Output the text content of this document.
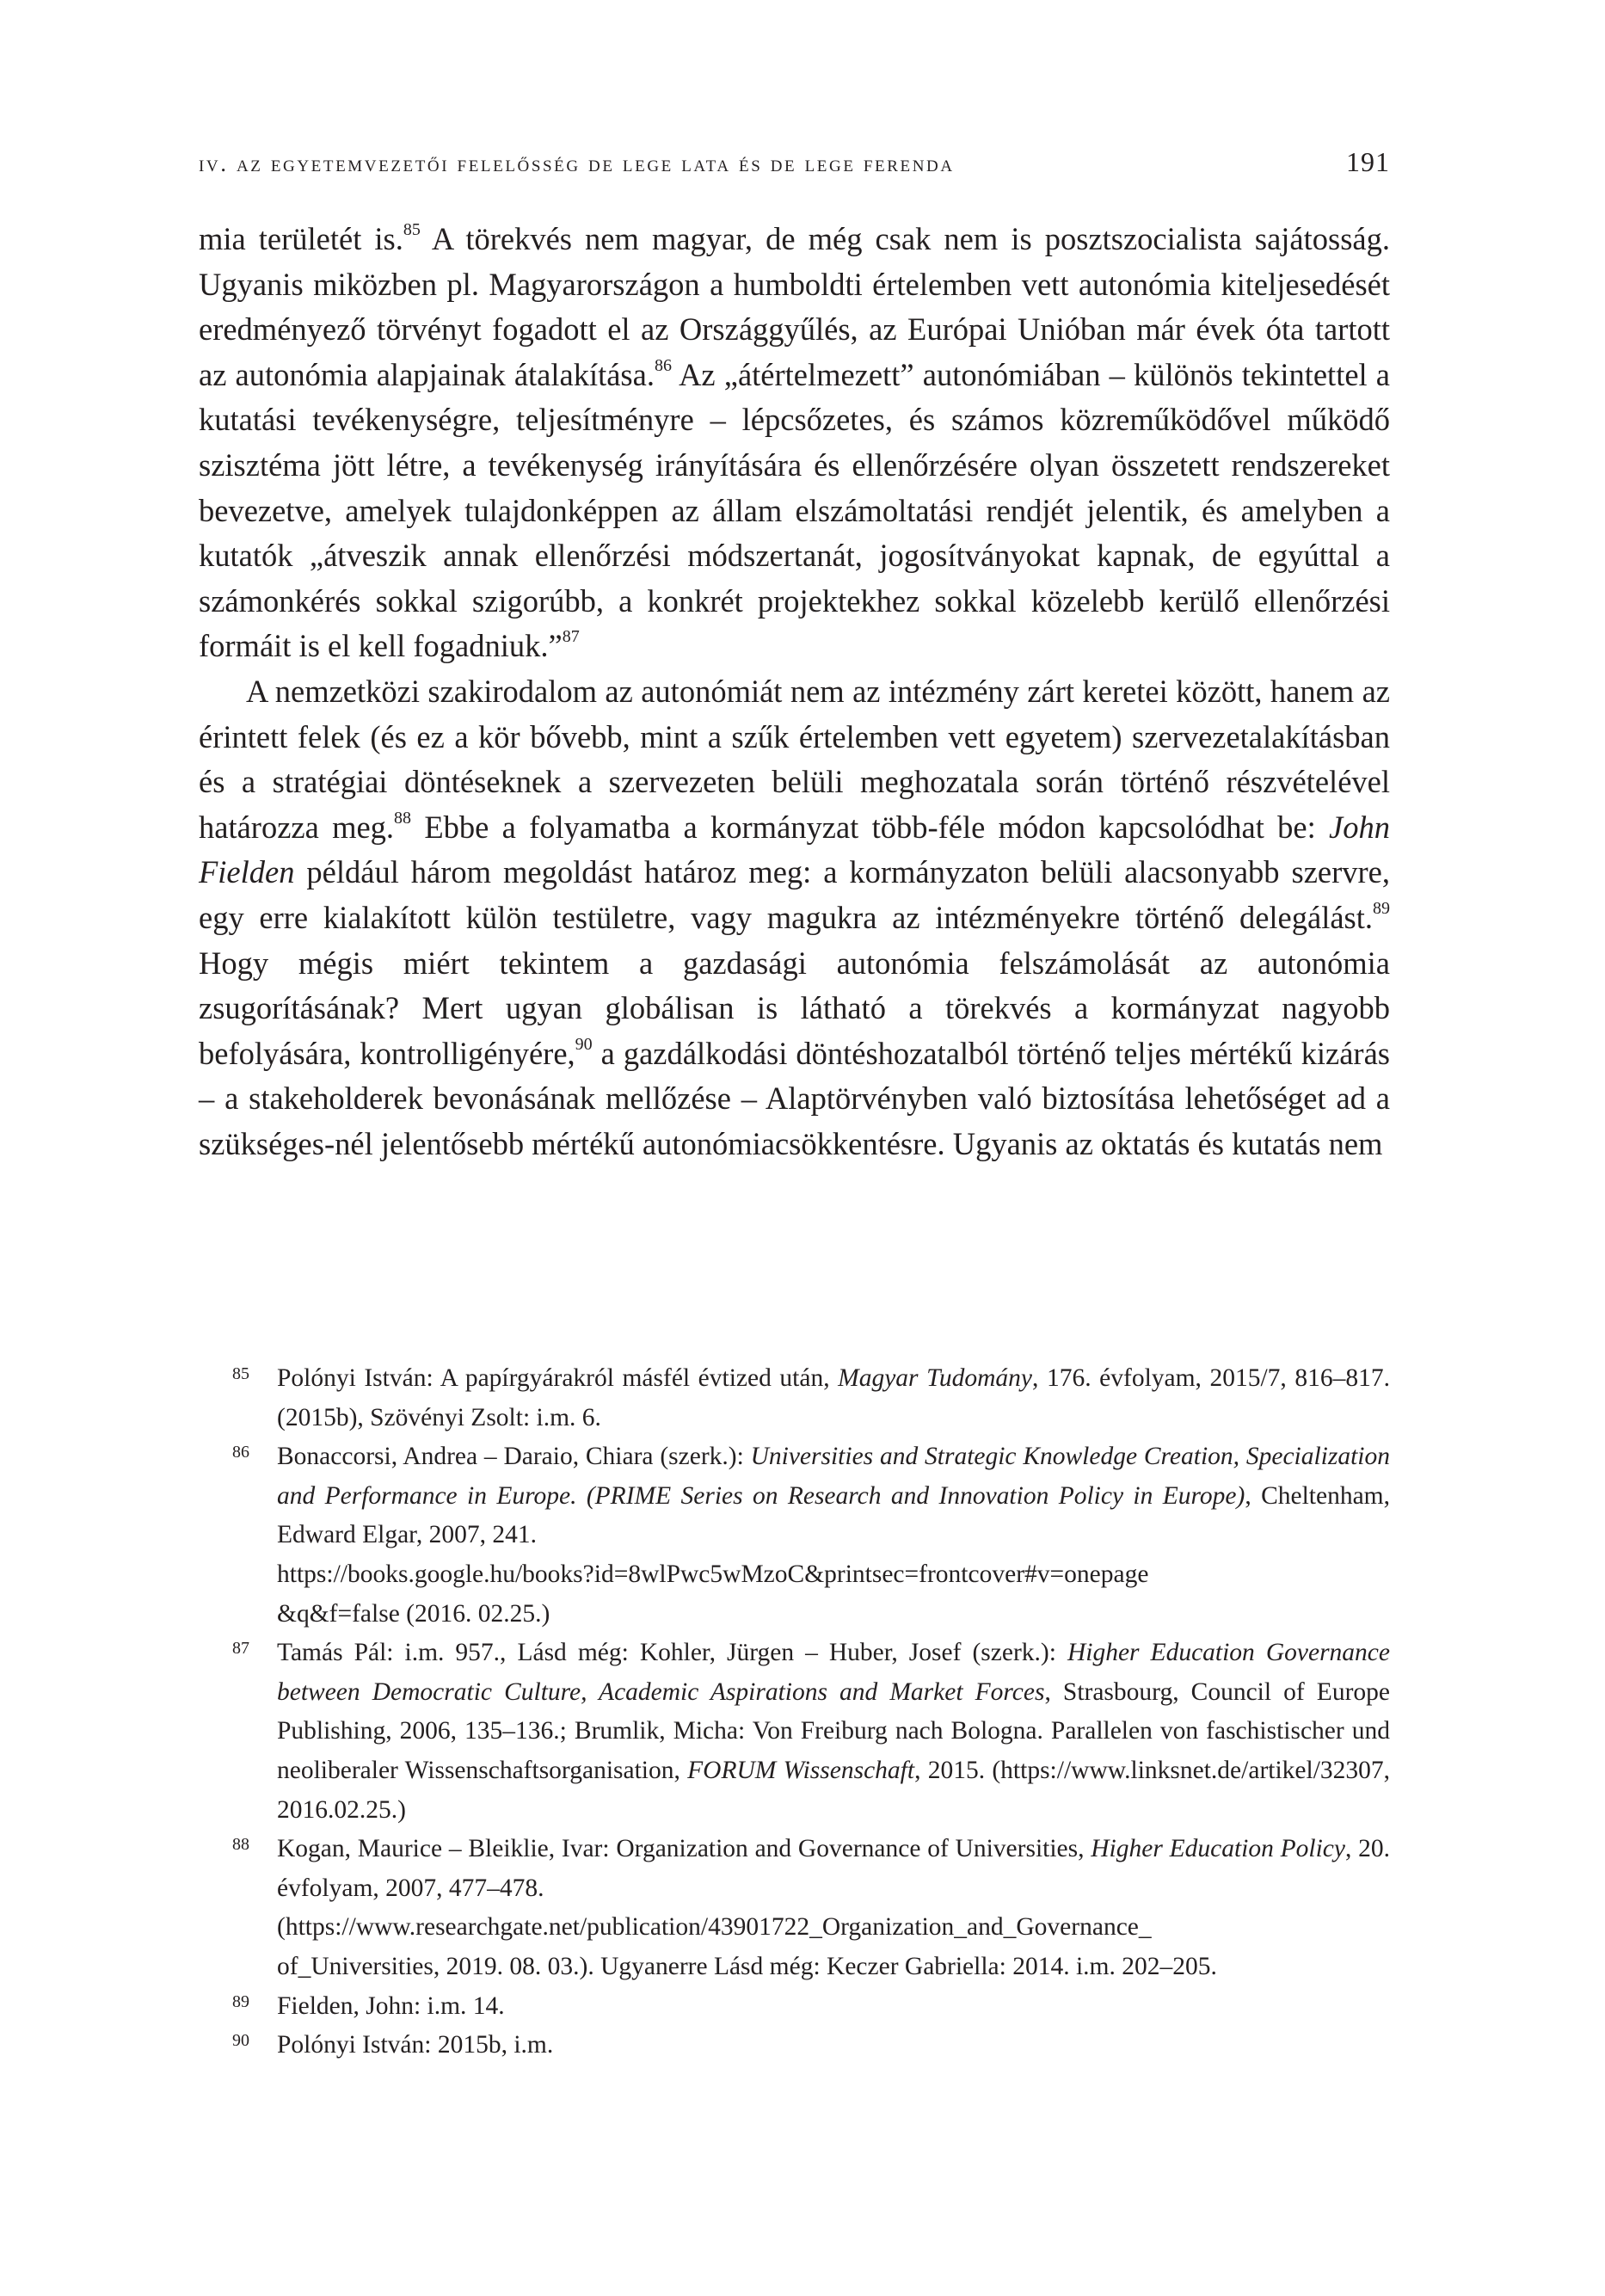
iv. az egyetemvezetői felelősség de lege lata és de lege ferenda	191

mia területét is.$^{85}$ A törekvés nem magyar, de még csak nem is posztszocialista sajátosság. Ugyanis miközben pl. Magyarországon a humboldti értelemben vett autonómia kiteljesedését eredményező törvényt fogadott el az Országgyűlés, az Európai Unióban már évek óta tartott az autonómia alapjainak átalakítása.$^{86}$ Az „átértelmezett” autonómiában – különös tekintettel a kutatási tevékenységre, teljesítményre – lépcsőzetes, és számos közreműködővel működő szisztéma jött létre, a tevékenység irányítására és ellenőrzésére olyan összetett rendszereket bevezetve, amelyek tulajdonképpen az állam elszámoltatási rendjét jelentik, és amelyben a kutatók „átveszik annak ellenőrzési módszertanát, jogosítványokat kapnak, de egyúttal a számonkérés sokkal szigorúbb, a konkrét projektekhez sokkal közelebb kerülő ellenőrzési formáit is el kell fogadniuk.”$^{87}$

A nemzetközi szakirodalom az autonómiát nem az intézmény zárt keretei között, hanem az érintett felek (és ez a kör bővebb, mint a szűk értelemben vett egyetem) szervezetalakításban és a stratégiai döntéseknek a szervezeten belüli meghozatala során történő részvételével határozza meg.$^{88}$ Ebbe a folyamatba a kormányzat több-féle módon kapcsolódhat be: John Fielden például három megoldást határoz meg: a kormányzaton belüli alacsonyabb szervre, egy erre kialakított külön testületre, vagy magukra az intézményekre történő delegálást.$^{89}$ Hogy mégis miért tekintem a gazdasági autonómia felszámolását az autonómia zsugorításának? Mert ugyan globálisan is látható a törekvés a kormányzat nagyobb befolyására, kontrolligényére,$^{90}$ a gazdálkodási döntéshozatalból történő teljes mértékű kizárás – a stakeholderek bevonásának mellőzése – Alaptörvényben való biztosítása lehetőséget ad a szükséges-nél jelentősebb mértékű autonómiacsökkentésre. Ugyanis az oktatás és kutatás nem

85 Polónyi István: A papírgyárakról másfél évtized után, Magyar Tudomány, 176. évfolyam, 2015/7, 816–817. (2015b), Szövényi Zsolt: i.m. 6.

86 Bonaccorsi, Andrea – Daraio, Chiara (szerk.): Universities and Strategic Knowledge Creation, Specialization and Performance in Europe. (PRIME Series on Research and Innovation Policy in Europe), Cheltenham, Edward Elgar, 2007, 241.
https://books.google.hu/books?id=8wlPwc5wMzoC&printsec=frontcover#v=onepage
&q&f=false (2016. 02.25.)

87 Tamás Pál: i.m. 957., Lásd még: Kohler, Jürgen – Huber, Josef (szerk.): Higher Education Governance between Democratic Culture, Academic Aspirations and Market Forces, Strasbourg, Council of Europe Publishing, 2006, 135–136.; Brumlik, Micha: Von Freiburg nach Bologna. Parallelen von faschistischer und neoliberaler Wissenschaftsorganisation, FORUM Wissenschaft, 2015. (https://www.linksnet.de/artikel/32307, 2016.02.25.)

88 Kogan, Maurice – Bleiklie, Ivar: Organization and Governance of Universities, Higher Education Policy, 20. évfolyam, 2007, 477–478.
(https://www.researchgate.net/publication/43901722_Organization_and_Governance_
of_Universities, 2019. 08. 03.). Ugyanerre Lásd még: Keczer Gabriella: 2014. i.m. 202–205.

89 Fielden, John: i.m. 14.

90 Polónyi István: 2015b, i.m.
